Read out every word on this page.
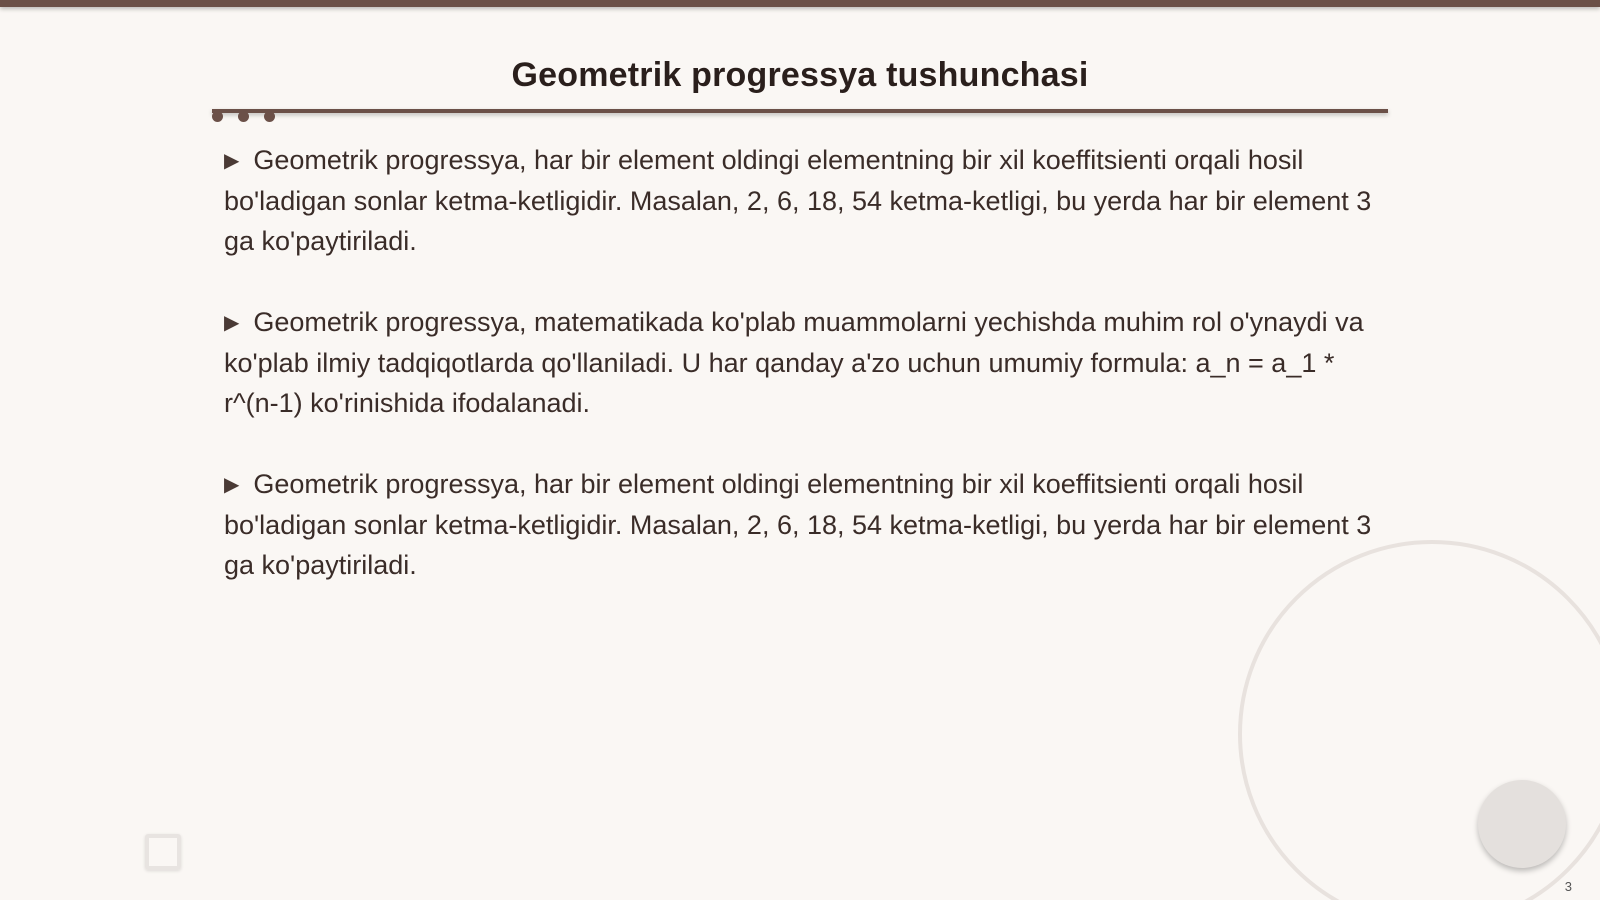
Geometrik progressya tushunchasi

▶ Geometrik progressya, har bir element oldingi elementning bir xil koeffitsienti orqali hosil bo'ladigan sonlar ketma-ketligidir. Masalan, 2, 6, 18, 54 ketma-ketligi, bu yerda har bir element 3 ga ko'paytiriladi.

▶ Geometrik progressya, matematikada ko'plab muammolarni yechishda muhim rol o'ynaydi va ko'plab ilmiy tadqiqotlarda qo'llaniladi. U har qanday a'zo uchun umumiy formula: a_n = a_1 * r^(n-1) ko'rinishida ifodalanadi.

▶ Geometrik progressya, har bir element oldingi elementning bir xil koeffitsienti orqali hosil bo'ladigan sonlar ketma-ketligidir. Masalan, 2, 6, 18, 54 ketma-ketligi, bu yerda har bir element 3 ga ko'paytiriladi.

3
